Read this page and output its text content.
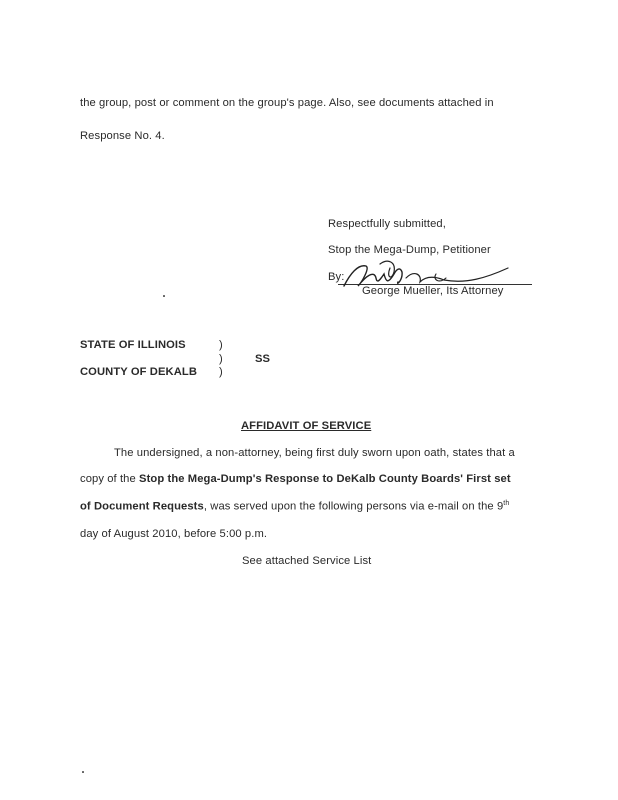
the group, post or comment on the group's page. Also, see documents attached in
Response No. 4.
Respectfully submitted,
Stop the Mega-Dump, Petitioner
By:
George Mueller, Its Attorney
STATE OF ILLINOIS	)
)	SS
COUNTY OF DEKALB )
AFFIDAVIT OF SERVICE
The undersigned, a non-attorney, being first duly sworn upon oath, states that a
copy of the Stop the Mega-Dump's Response to DeKalb County Boards' First set
of Document Requests, was served upon the following persons via e-mail on the 9th
day of August 2010, before 5:00 p.m.
See attached Service List
